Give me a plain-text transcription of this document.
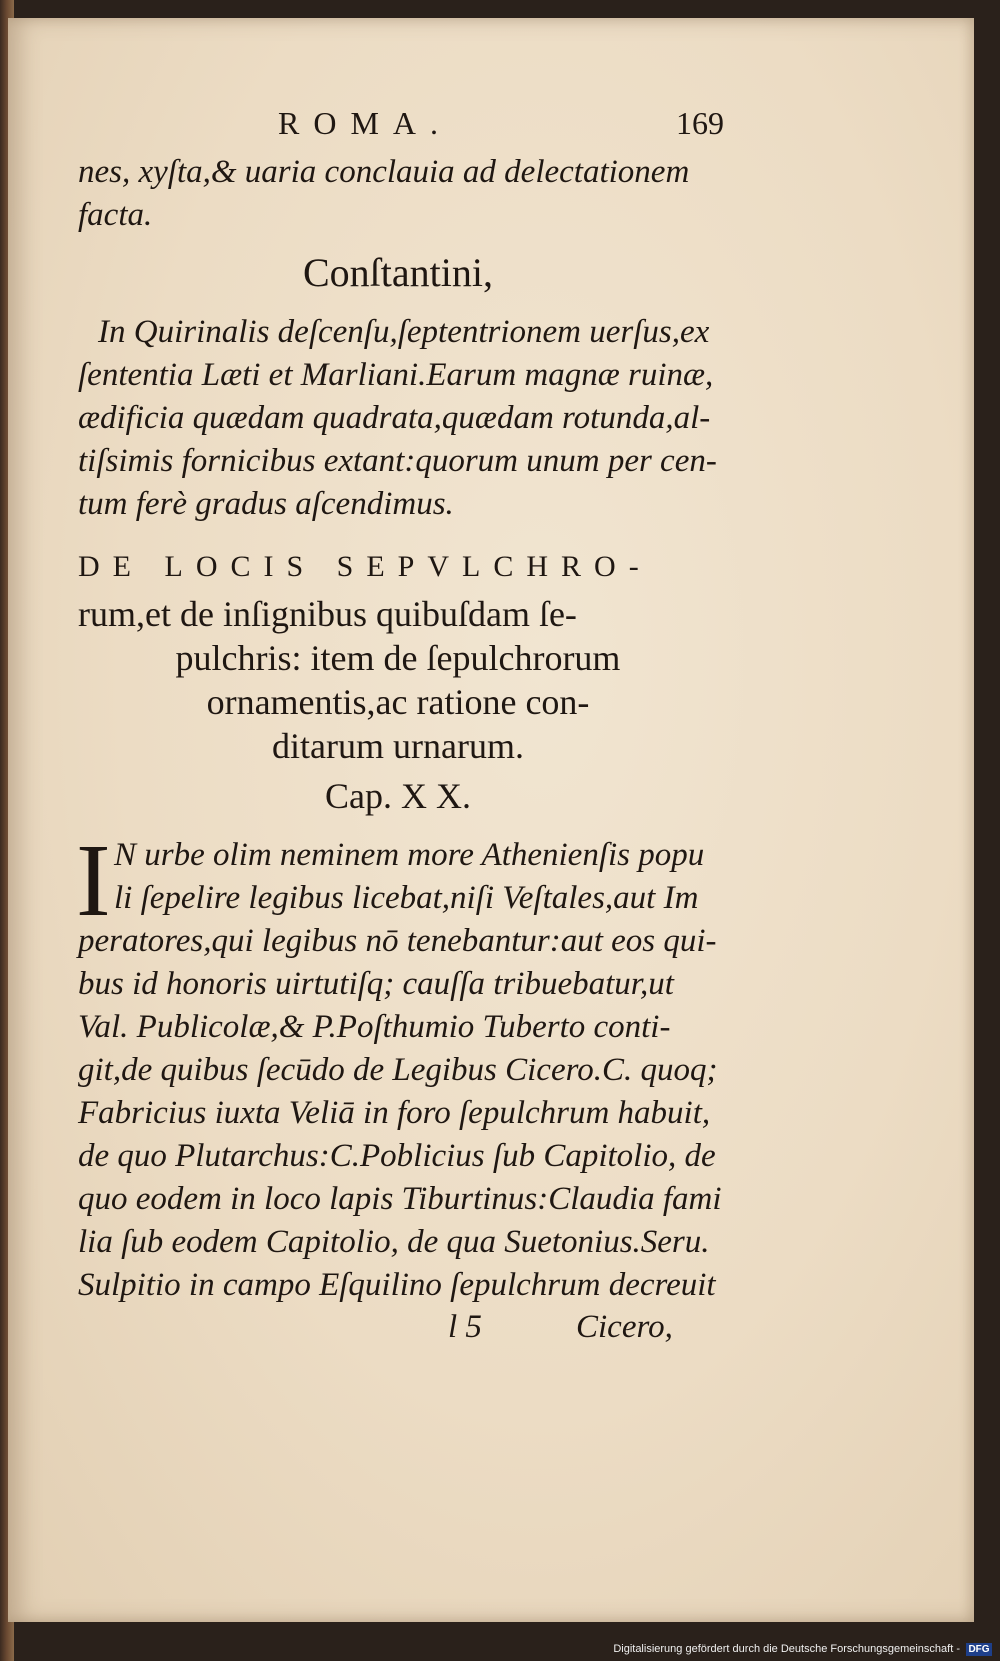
ROMA.	169

nes, xyſta,& uaria conclauia ad delectationem

facta.

Conſtantini,

In Quirinalis deſcenſu,ſeptentrionem uerſus,ex

ſententia Læti et Marliani.Earum magnæ ruinæ,

ædificia quædam quadrata,quædam rotunda,al-

tiſsimis fornicibus extant:quorum unum per cen-

tum ferè gradus aſcendimus.

DE LOCIS SEPVLCHRO-

rum,et de inſignibus quibuſdam ſe-

pulchris: item de ſepulchrorum

ornamentis,ac ratione con-

ditarum urnarum.

Cap. X X.

I N urbe olim neminem more Athenienſis popu

li ſepelire legibus licebat,niſi Veſtales,aut Im

peratores,qui legibus nō tenebantur:aut eos qui-

bus id honoris uirtutiſq; cauſſa tribuebatur,ut

Val. Publicolæ,& P.Poſthumio Tuberto conti-

git,de quibus ſecūdo de Legibus Cicero.C. quoq;

Fabricius iuxta Veliā in foro ſepulchrum habuit,

de quo Plutarchus:C.Poblicius ſub Capitolio, de

quo eodem in loco lapis Tiburtinus:Claudia fami

lia ſub eodem Capitolio, de qua Suetonius.Seru.

Sulpitio in campo Eſquilino ſepulchrum decreuit

l 5	Cicero,
Digitalisierung gefördert durch die Deutsche Forschungsgemeinschaft - DFG
